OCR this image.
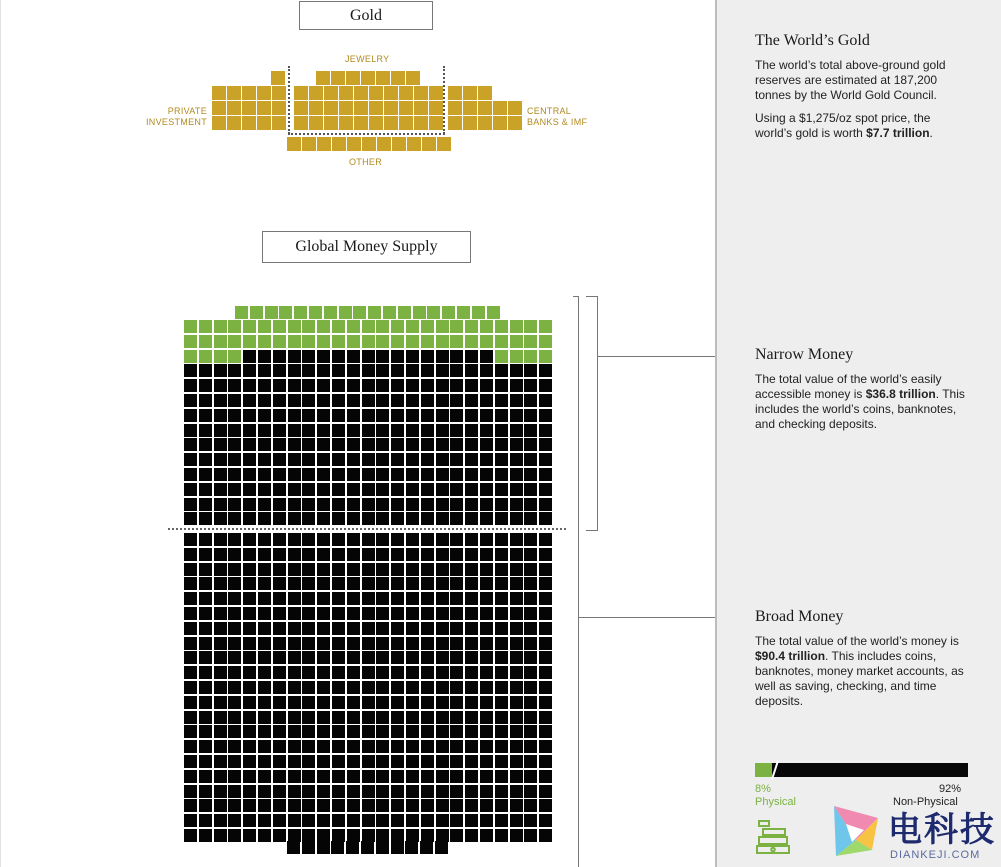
Gold
JEWELRY
PRIVATE
INVESTMENT
CENTRAL
BANKS & IMF
OTHER
Global Money Supply
The World’s Gold
The world’s total above-ground gold reserves are estimated at 187,200 tonnes by the World Gold Council.
Using a $1,275/oz spot price, the world’s gold is worth $7.7 trillion.
Narrow Money
The total value of the world’s easily accessible money is $36.8 trillion. This includes the world’s coins, banknotes, and checking deposits.
Broad Money
The total value of the world’s money is $90.4 trillion. This includes coins, banknotes, money market accounts, as well as saving, checking, and time deposits.
8%
Physical
92%
Non-Physical
电科技
DIANKEJI.COM
